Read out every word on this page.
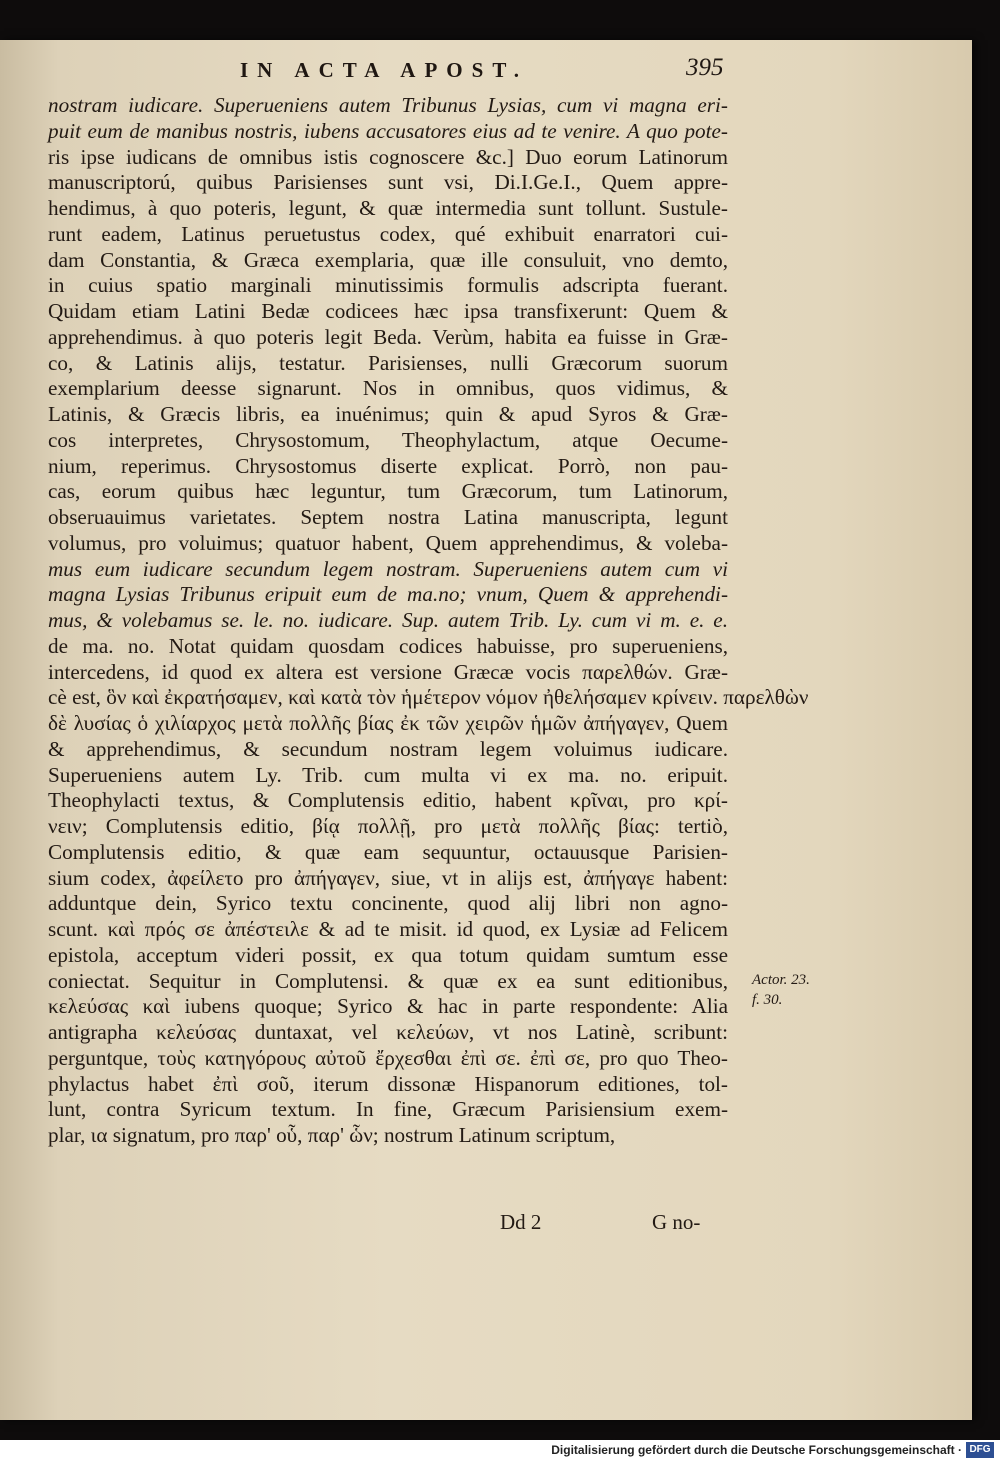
IN ACTA APOST.	395
nostram iudicare. Superueniens autem Tribunus Lysias, cum vi magna eri-
puit eum de manibus nostris, iubens accusatores eius ad te venire. A quo pote-
ris ipse iudicans de omnibus istis cognoscere &c.] Duo eorum Latinorum
manuscriptorú, quibus Parisienses sunt vsi, Di.I.Ge.I., Quem appre-
hendimus, à quo poteris, legunt, & quæ intermedia sunt tollunt. Sustule-
runt eadem, Latinus peruetustus codex, qué exhibuit enarratori cui-
dam Constantia, & Græca exemplaria, quæ ille consuluit, vno demto,
in cuius spatio marginali minutissimis formulis adscripta fuerant.
Quidam etiam Latini Bedæ codicees hæc ipsa transfixerunt: Quem &
apprehendimus. à quo poteris legit Beda. Verùm, habita ea fuisse in Græ-
co, & Latinis alijs, testatur. Parisienses, nulli Græcorum suorum
exemplarium deesse signarunt. Nos in omnibus, quos vidimus, &
Latinis, & Græcis libris, ea inuénimus; quin & apud Syros & Græ-
cos interpretes, Chrysostomum, Theophylactum, atque Oecume-
nium, reperimus. Chrysostomus diserte explicat. Porrò, non pau-
cas, eorum quibus hæc leguntur, tum Græcorum, tum Latinorum,
obseruauimus varietates. Septem nostra Latina manuscripta, legunt
volumus, pro voluimus; quatuor habent, Quem apprehendimus, & voleba-
mus eum iudicare secundum legem nostram. Superueniens autem cum vi
magna Lysias Tribunus eripuit eum de ma.no; vnum, Quem & apprehendi-
mus, & volebamus se. le. no. iudicare. Sup. autem Trib. Ly. cum vi m. e. e.
de ma. no. Notat quidam quosdam codices habuisse, pro superueniens,
intercedens, id quod ex altera est versione Græcæ vocis παρελθών. Græ-
cè est, ὃν καὶ ἐκρατήσαμεν, καὶ κατὰ τὸν ἡμέτερον νόμον ἠθελήσαμεν κρίνειν. παρελθὼν
δὲ λυσίας ὁ χιλίαρχος μετὰ πολλῆς βίας ἐκ τῶν χειρῶν ἡμῶν ἀπήγαγεν, Quem
& apprehendimus, & secundum nostram legem voluimus iudicare.
Superueniens autem Ly. Trib. cum multa vi ex ma. no. eripuit.
Theophylacti textus, & Complutensis editio, habent κρῖναι, pro κρί-
νειν; Complutensis editio, βίᾳ πολλῇ, pro μετὰ πολλῆς βίας: tertiò,
Complutensis editio, & quæ eam sequuntur, octauusque Parisien-
sium codex, ἀφείλετο pro ἀπήγαγεν, siue, vt in alijs est, ἀπήγαγε habent:
adduntque dein, Syrico textu concinente, quod alij libri non agno-
scunt. καὶ πρός σε ἀπέστειλε & ad te misit. id quod, ex Lysiæ ad Felicem
epistola, acceptum videri possit, ex qua totum quidam sumtum esse
coniectat. Sequitur in Complutensi. & quæ ex ea sunt editionibus,
κελεύσας καὶ iubens quoque; Syrico & hac in parte respondente: Alia
antigrapha κελεύσας duntaxat, vel κελεύων, vt nos Latinè, scribunt:
perguntque, τοὺς κατηγόρους αὐτοῦ ἔρχεσθαι ἐπὶ σε. ἐπὶ σε, pro quo Theo-
phylactus habet ἐπὶ σοῦ, iterum dissonæ Hispanorum editiones, tol-
lunt, contra Syricum textum. In fine, Græcum Parisiensium exem-
plar, ια signatum, pro παρ' οὗ, παρ' ὧν; nostrum Latinum scriptum,
Actor. 23.
f. 30.
Dd 2	G no-
Digitalisierung gefördert durch die Deutsche Forschungsgemeinschaft · DFG
